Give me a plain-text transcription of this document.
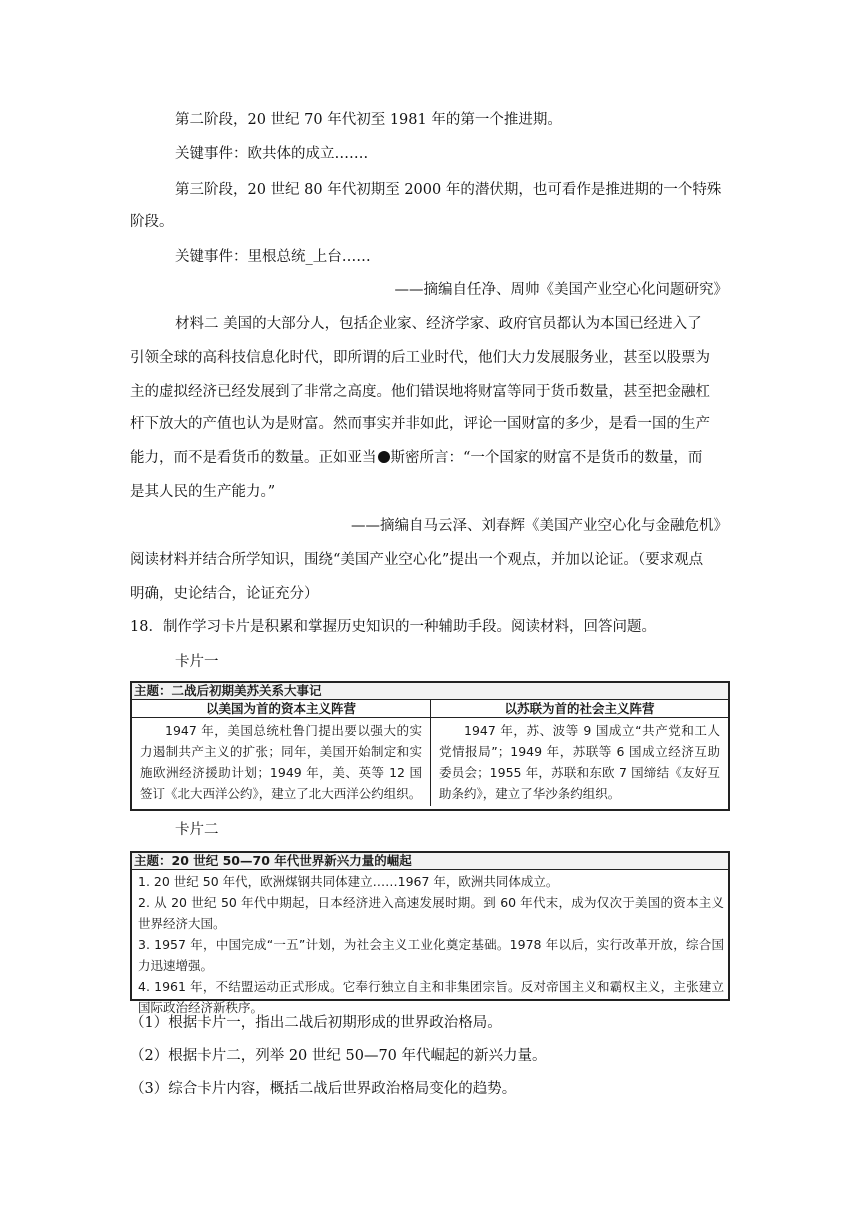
第二阶段，20 世纪 70 年代初至 1981 年的第一个推进期。
关键事件：欧共体的成立…….
第三阶段，20 世纪 80 年代初期至 2000 年的潜伏期，也可看作是推进期的一个特殊
阶段。
关键事件：里根总统_上台……
——摘编自任净、周帅《美国产业空心化问题研究》
材料二 美国的大部分人，包括企业家、经济学家、政府官员都认为本国已经进入了
引领全球的高科技信息化时代，即所谓的后工业时代，他们大力发展服务业，甚至以股票为
主的虚拟经济已经发展到了非常之高度。他们错误地将财富等同于货币数量，甚至把金融杠
杆下放大的产值也认为是财富。然而事实并非如此，评论一国财富的多少，是看一国的生产
能力，而不是看货币的数量。正如亚当 斯密所言：“一个国家的财富不是货币的数量，而
是其人民的生产能力。”
——摘编自马云泽、刘春辉《美国产业空心化与金融危机》
阅读材料并结合所学知识，围绕“美国产业空心化”提出一个观点，并加以论证。（要求观点
明确，史论结合，论证充分）
18．制作学习卡片是积累和掌握历史知识的一种辅助手段。阅读材料，回答问题。
卡片一
主题：二战后初期美苏关系大事记
以美国为首的资本主义阵营
1947 年，美国总统杜鲁门提出要以强大的实力遏制共产主义的扩张；同年，美国开始制定和实施欧洲经济援助计划；1949 年，美、英等 12 国签订《北大西洋公约》，建立了北大西洋公约组织。
以苏联为首的社会主义阵营
1947 年，苏、波等 9 国成立“共产党和工人党情报局”；1949 年，苏联等 6 国成立经济互助委员会；1955 年，苏联和东欧 7 国缔结《友好互助条约》，建立了华沙条约组织。
卡片二
主题：20 世纪 50—70 年代世界新兴力量的崛起
1. 20 世纪 50 年代，欧洲煤钢共同体建立……1967 年，欧洲共同体成立。
2. 从 20 世纪 50 年代中期起，日本经济进入高速发展时期。到 60 年代末，成为仅次于美国的资本主义世界经济大国。
3. 1957 年，中国完成“一五”计划，为社会主义工业化奠定基础。1978 年以后，实行改革开放，综合国力迅速增强。
4. 1961 年，不结盟运动正式形成。它奉行独立自主和非集团宗旨。反对帝国主义和霸权主义，主张建立国际政治经济新秩序。
（1）根据卡片一，指出二战后初期形成的世界政治格局。
（2）根据卡片二，列举 20 世纪 50—70 年代崛起的新兴力量。
（3）综合卡片内容，概括二战后世界政治格局变化的趋势。
